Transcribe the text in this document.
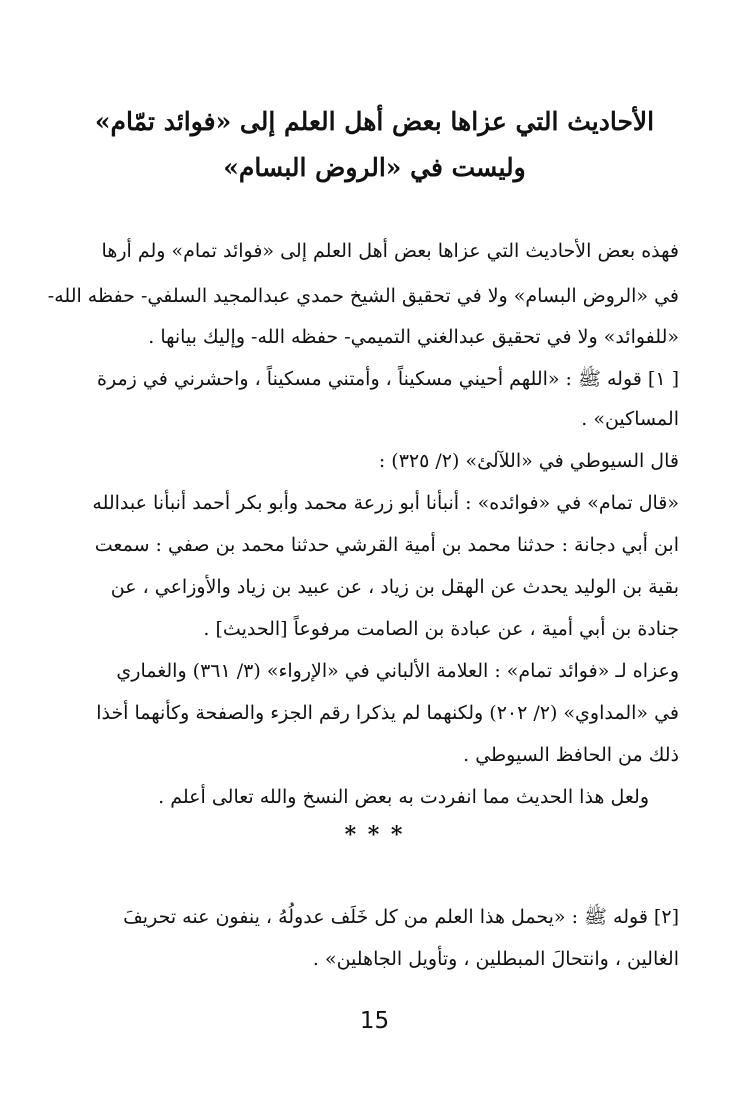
الأحاديث التي عزاها بعض أهل العلم إلى «فوائد تمّام»
وليست في «الروض البسام»
فهذه بعض الأحاديث التي عزاها بعض أهل العلم إلى «فوائد تمام» ولم أرها
في «الروض البسام» ولا في تحقيق الشيخ حمدي عبدالمجيد السلفي- حفظه الله-
«للفوائد» ولا في تحقيق عبدالغني التميمي- حفظه الله- وإليك بيانها .
[ ١] قوله ﷺ : «اللهم أحيني مسكيناً ، وأمتني مسكيناً ، واحشرني في زمرة
المساكين» .
قال السيوطي في «اللآلئ» (٢/ ٣٢٥) :
«قال تمام» في «فوائده» : أنبأنا أبو زرعة محمد وأبو بكر أحمد أنبأنا عبدالله
ابن أبي دجانة : حدثنا محمد بن أمية القرشي حدثنا محمد بن صفي : سمعت
بقية بن الوليد يحدث عن الهقل بن زياد ، عن عبيد بن زياد والأوزاعي ، عن
جنادة بن أبي أمية ، عن عبادة بن الصامت مرفوعاً [الحديث] .
وعزاه لـ «فوائد تمام» : العلامة الألباني في «الإرواء» (٣/ ٣٦١) والغماري
في «المداوي» (٢/ ٢٠٢) ولكنهما لم يذكرا رقم الجزء والصفحة وكأنهما أخذا
ذلك من الحافظ السيوطي .
ولعل هذا الحديث مما انفردت به بعض النسخ والله تعالى أعلم .
* * *
[٢] قوله ﷺ : «يحمل هذا العلم من كل خَلَف عدولُهُ ، ينفون عنه تحريفَ
الغالين ، وانتحالَ المبطلين ، وتأويل الجاهلين» .
15
